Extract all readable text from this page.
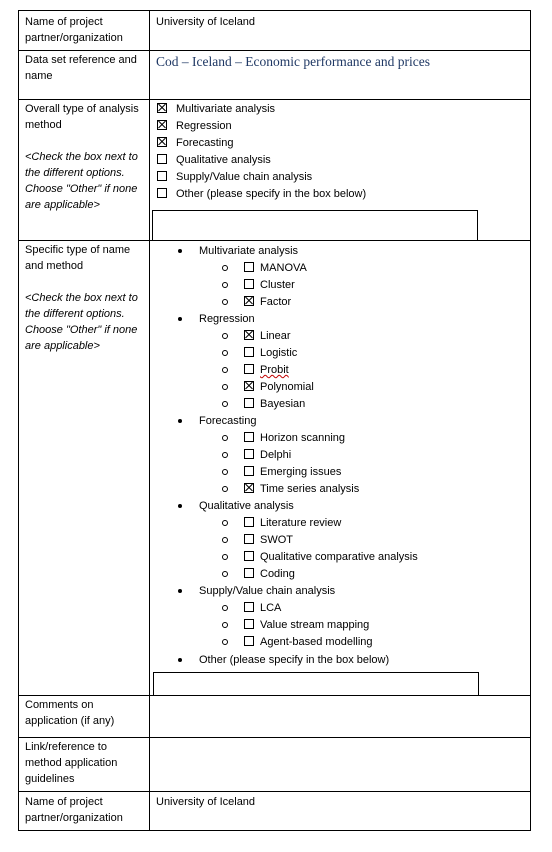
Name of project partner/organization
University of Iceland
Data set reference and name
Cod – Iceland – Economic performance and prices
Overall type of analysis method
<Check the box next to the different options. Choose "Other" if none are applicable>
Multivariate analysis
Regression
Forecasting
Qualitative analysis
Supply/Value chain analysis
Other (please specify in the box below)
Specific type of name and method
<Check the box next to the different options. Choose "Other" if none are applicable>
Multivariate analysis
MANOVA
Cluster
Factor
Regression
Linear
Logistic
Probit
Polynomial
Bayesian
Forecasting
Horizon scanning
Delphi
Emerging issues
Time series analysis
Qualitative analysis
Literature review
SWOT
Qualitative comparative analysis
Coding
Supply/Value chain analysis
LCA
Value stream mapping
Agent-based modelling
Other (please specify in the box below)
Comments on application (if any)
Link/reference to method application guidelines
Name of project partner/organization
University of Iceland
